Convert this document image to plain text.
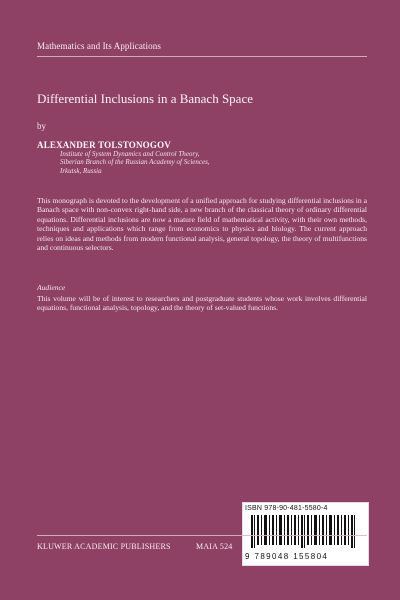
Mathematics and Its Applications
Differential Inclusions in a Banach Space
by
ALEXANDER TOLSTONOGOV
Institute of System Dynamics and Control Theory,
Siberian Branch of the Russian Academy of Sciences,
Irkutsk, Russia
This monograph is devoted to the development of a unified approach for studying differential inclusions in a Banach space with non-convex right-hand side, a new branch of the classical theory of ordinary differential equations. Differential inclusions are now a mature field of mathematical activity, with their own methods, techniques and applications which range from economics to physics and biology. The current approach relies on ideas and methods from modern functional analysis, general topology, the theory of multifunctions and continuous selectors.
Audience
This volume will be of interest to researchers and postgraduate students whose work involves differential equations, functional analysis, topology, and the theory of set-valued functions.
ISBN 978-90-481-5580-4
9 789048 155804
KLUWER ACADEMIC PUBLISHERS	MAIA 524
